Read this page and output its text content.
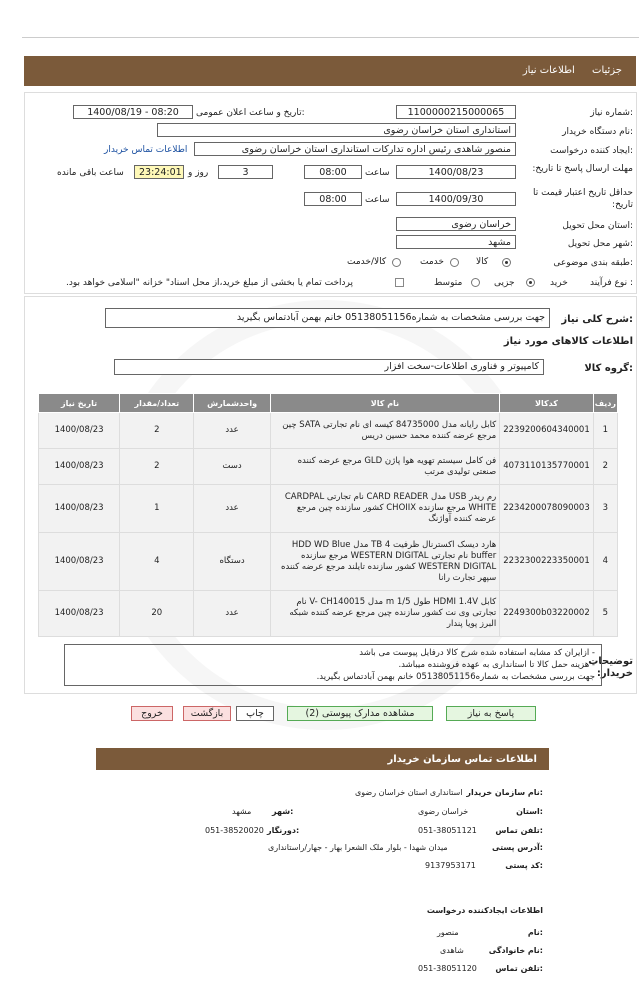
جزئیات اطلاعات نیاز
شماره نیاز:
1100000215000065
تاریخ و ساعت اعلان عمومی:
1400/08/19 - 08:20
نام دستگاه خریدار:
استانداری استان خراسان رضوی
ایجاد کننده درخواست:
منصور شاهدی رئیس اداره تدارکات استانداری استان خراسان رضوی
اطلاعات تماس خریدار
مهلت ارسال پاسخ تا تاریخ:
1400/08/23
ساعت
08:00
3
روز و
23:24:01
ساعت باقی مانده
حداقل تاریخ اعتبار قیمت تا تاریخ:
1400/09/30
ساعت
08:00
استان محل تحویل:
خراسان رضوی
شهر محل تحویل:
مشهد
طبقه بندی موضوعی:
کالا
خدمت
کالا/خدمت
نوع فرآیند :
خرید
جزیی
متوسط
پرداخت تمام یا بخشی از مبلغ خرید،از محل اسناد" خزانه "اسلامی خواهد بود.
شرح کلی نیاز:
جهت بررسی مشخصات به شماره05138051156 خانم بهمن آبادتماس بگیرید
اطلاعات کالاهای مورد نیاز
گروه کالا:
کامپیوتر و فناوری اطلاعات-سخت افزار
ردیف	کدکالا	نام کالا	واحدشمارش	تعداد/مقدار	تاریخ نیاز
1	2239200604340001	کابل رایانه مدل 84735000 کیسه ای نام تجارتی SATA چین مرجع عرضه کننده محمد حسین دریس	عدد	2	1400/08/23
2	4073110135770001	فن کامل سیستم تهویه هوا پاژن GLD مرجع عرضه کننده صنعتی تولیدی مرتب	دست	2	1400/08/23
3	2234200078090003	رم ریدر USB مدل CARD READER نام تجارتی CARDPAL WHITE مرجع سازنده CHOIIX کشور سازنده چین مرجع عرضه کننده آواژنگ	عدد	1	1400/08/23
4	2232300223350001	هارد دیسک اکسترنال ظرفیت 4 TB مدل HDD WD Blue buffer نام تجارتی WESTERN DIGITAL مرجع سازنده WESTERN DIGITAL کشور سازنده تایلند مرجع عرضه کننده سپهر تجارت رانا	دستگاه	4	1400/08/23
5	2249300b03220002	کابل HDMI 1.4V طول 1/5 m مدل V- CH140015 نام تجارتی وی نت کشور سازنده چین مرجع عرضه کننده شبکه البرز پویا پندار	عدد	20	1400/08/23
توضیحات خریدار:
- ازایران کد مشابه استفاده شده شرح کالا درفایل پیوست می باشد
- هزینه حمل کالا تا استانداری به عهده فروشنده میباشد.
جهت بررسی مشخصات به شماره05138051156 خانم بهمن آبادتماس بگیرید.
پاسخ به نیاز
مشاهده مدارک پیوستی (2)
چاپ
بازگشت
خروج
اطلاعات تماس سازمان خریدار
نام سازمان خریدار:
استانداری استان خراسان رضوی
استان:
خراسان رضوی
شهر:
مشهد
تلفن تماس:
051-38051121
دورنگار:
051-38520020
آدرس پستی:
میدان شهدا - بلوار ملک الشعرا بهار - جهار/راستانداری
کد پستی:
9137953171
اطلاعات ایجادکننده درخواست
نام:
منصور
نام خانوادگی:
شاهدی
تلفن تماس:
051-38051120
